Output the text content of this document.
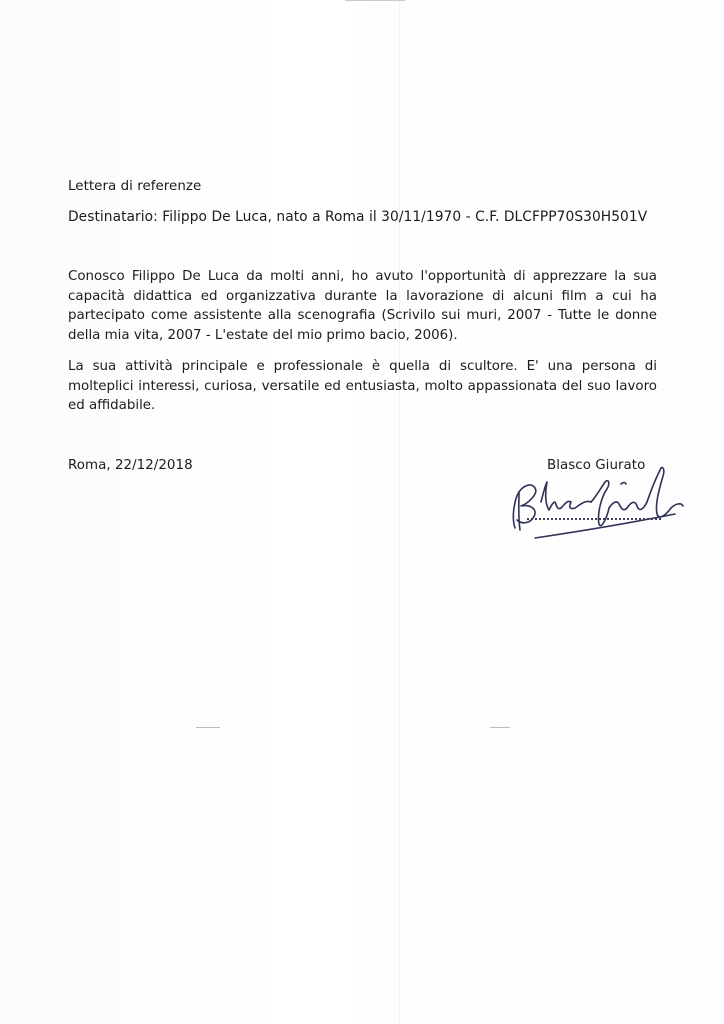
Lettera di referenze
Destinatario: Filippo De Luca, nato a Roma il 30/11/1970 - C.F. DLCFPP70S30H501V
Conosco Filippo De Luca da molti anni, ho avuto l'opportunità di apprezzare la sua capacità didattica ed organizzativa durante la lavorazione di alcuni film a cui ha partecipato come assistente alla scenografia (Scrivilo sui muri, 2007 - Tutte le donne della mia vita, 2007 - L'estate del mio primo bacio, 2006).
La sua attività principale e professionale è quella di scultore. E' una persona di molteplici interessi, curiosa, versatile ed entusiasta, molto appassionata del suo lavoro ed affidabile.
Roma, 22/12/2018	Blasco Giurato
